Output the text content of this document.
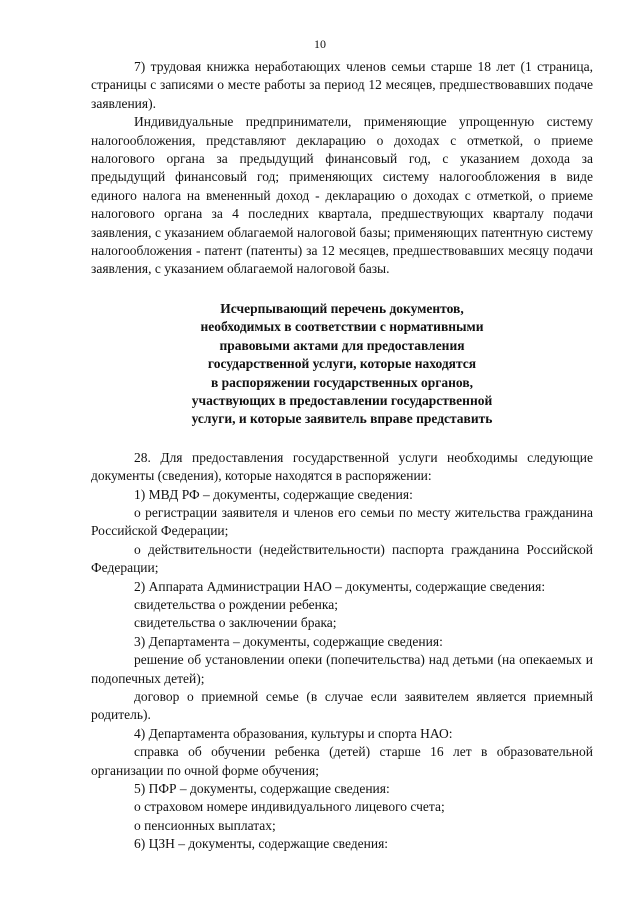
10

7) трудовая книжка неработающих членов семьи старше 18 лет (1 страница, страницы с записями о месте работы за период 12 месяцев, предшествовавших подаче заявления).

Индивидуальные предприниматели, применяющие упрощенную систему налогообложения, представляют декларацию о доходах с отметкой, о приеме налогового органа за предыдущий финансовый год, с указанием дохода за предыдущий финансовый год; применяющих систему налогообложения в виде единого налога на вмененный доход - декларацию о доходах с отметкой, о приеме налогового органа за 4 последних квартала, предшествующих кварталу подачи заявления, с указанием облагаемой налоговой базы; применяющих патентную систему налогообложения - патент (патенты) за 12 месяцев, предшествовавших месяцу подачи заявления, с указанием облагаемой налоговой базы.

Исчерпывающий перечень документов,
необходимых в соответствии с нормативными
правовыми актами для предоставления
государственной услуги, которые находятся
в распоряжении государственных органов,
участвующих в предоставлении государственной
услуги, и которые заявитель вправе представить

28. Для предоставления государственной услуги необходимы следующие документы (сведения), которые находятся в распоряжении:

1) МВД РФ – документы, содержащие сведения:

о регистрации заявителя и членов его семьи по месту жительства гражданина Российской Федерации;

о действительности (недействительности) паспорта гражданина Российской Федерации;

2) Аппарата Администрации НАО – документы, содержащие сведения:

свидетельства о рождении ребенка;

свидетельства о заключении брака;

3) Департамента – документы, содержащие сведения:

решение об установлении опеки (попечительства) над детьми (на опекаемых и подопечных детей);

договор о приемной семье (в случае если заявителем является приемный родитель).

4) Департамента образования, культуры и спорта НАО:

справка об обучении ребенка (детей) старше 16 лет в образовательной организации по очной форме обучения;

5) ПФР – документы, содержащие сведения:

о страховом номере индивидуального лицевого счета;

о пенсионных выплатах;

6) ЦЗН – документы, содержащие сведения:
